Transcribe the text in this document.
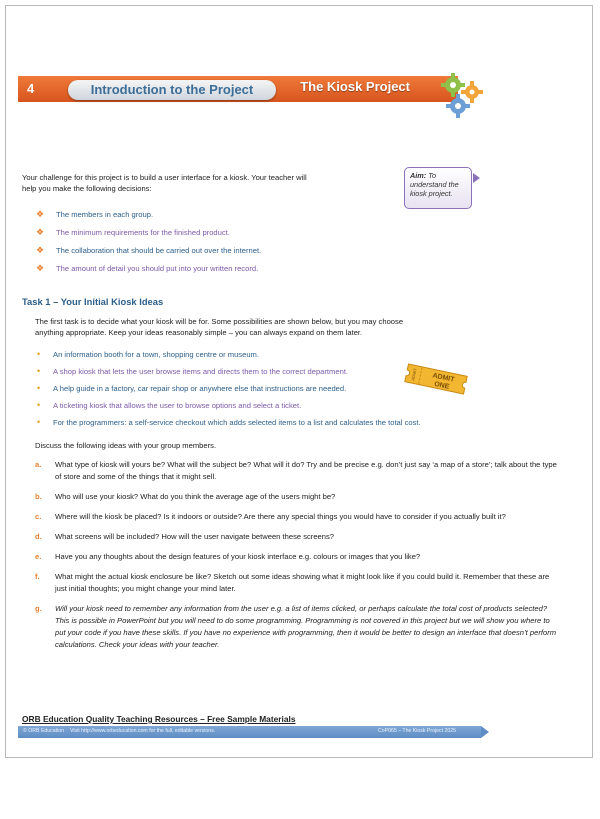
4	Introduction to the Project	The Kiosk Project
Your challenge for this project is to build a user interface for a kiosk. Your teacher will
help you make the following decisions:
Aim: To understand the kiosk project.
❖ The members in each group.
❖ The minimum requirements for the finished product.
❖ The collaboration that should be carried out over the internet.
❖ The amount of detail you should put into your written record.
Task 1 – Your Initial Kiosk Ideas
The first task is to decide what your kiosk will be for. Some possibilities are shown below, but you may choose
anything appropriate. Keep your ideas reasonably simple – you can always expand on them later.
• An information booth for a town, shopping centre or museum.
• A shop kiosk that lets the user browse items and directs them to the correct department.
• A help guide in a factory, car repair shop or anywhere else that instructions are needed.
• A ticketing kiosk that allows the user to browse options and select a ticket.
• For the programmers: a self-service checkout which adds selected items to a list and calculates the total cost.
ADMIT ADMIT
ONE
Discuss the following ideas with your group members.
a. What type of kiosk will yours be? What will the subject be? What will it do? Try and be precise e.g. don’t just say ‘a map of a store’; talk about the type of store and some of the things that it might sell.
b. Who will use your kiosk? What do you think the average age of the users might be?
c. Where will the kiosk be placed? Is it indoors or outside? Are there any special things you would have to consider if you actually built it?
d. What screens will be included? How will the user navigate between these screens?
e. Have you any thoughts about the design features of your kiosk interface e.g. colours or images that you like?
f. What might the actual kiosk enclosure be like? Sketch out some ideas showing what it might look like if you could build it. Remember that these are just initial thoughts; you might change your mind later.
g. Will your kiosk need to remember any information from the user e.g. a list of items clicked, or perhaps calculate the total cost of products selected? This is possible in PowerPoint but you will need to do some programming. Programming is not covered in this project but we will show you where to put your code if you have these skills. If you have no experience with programming, then it would be better to design an interface that doesn’t perform calculations. Check your ideas with your teacher.
ORB Education Quality Teaching Resources – Free Sample Materials
© ORB Education Visit http://www.orbeducation.com for the full, editable versions.	CoP065 – The Kiosk Project 2025
